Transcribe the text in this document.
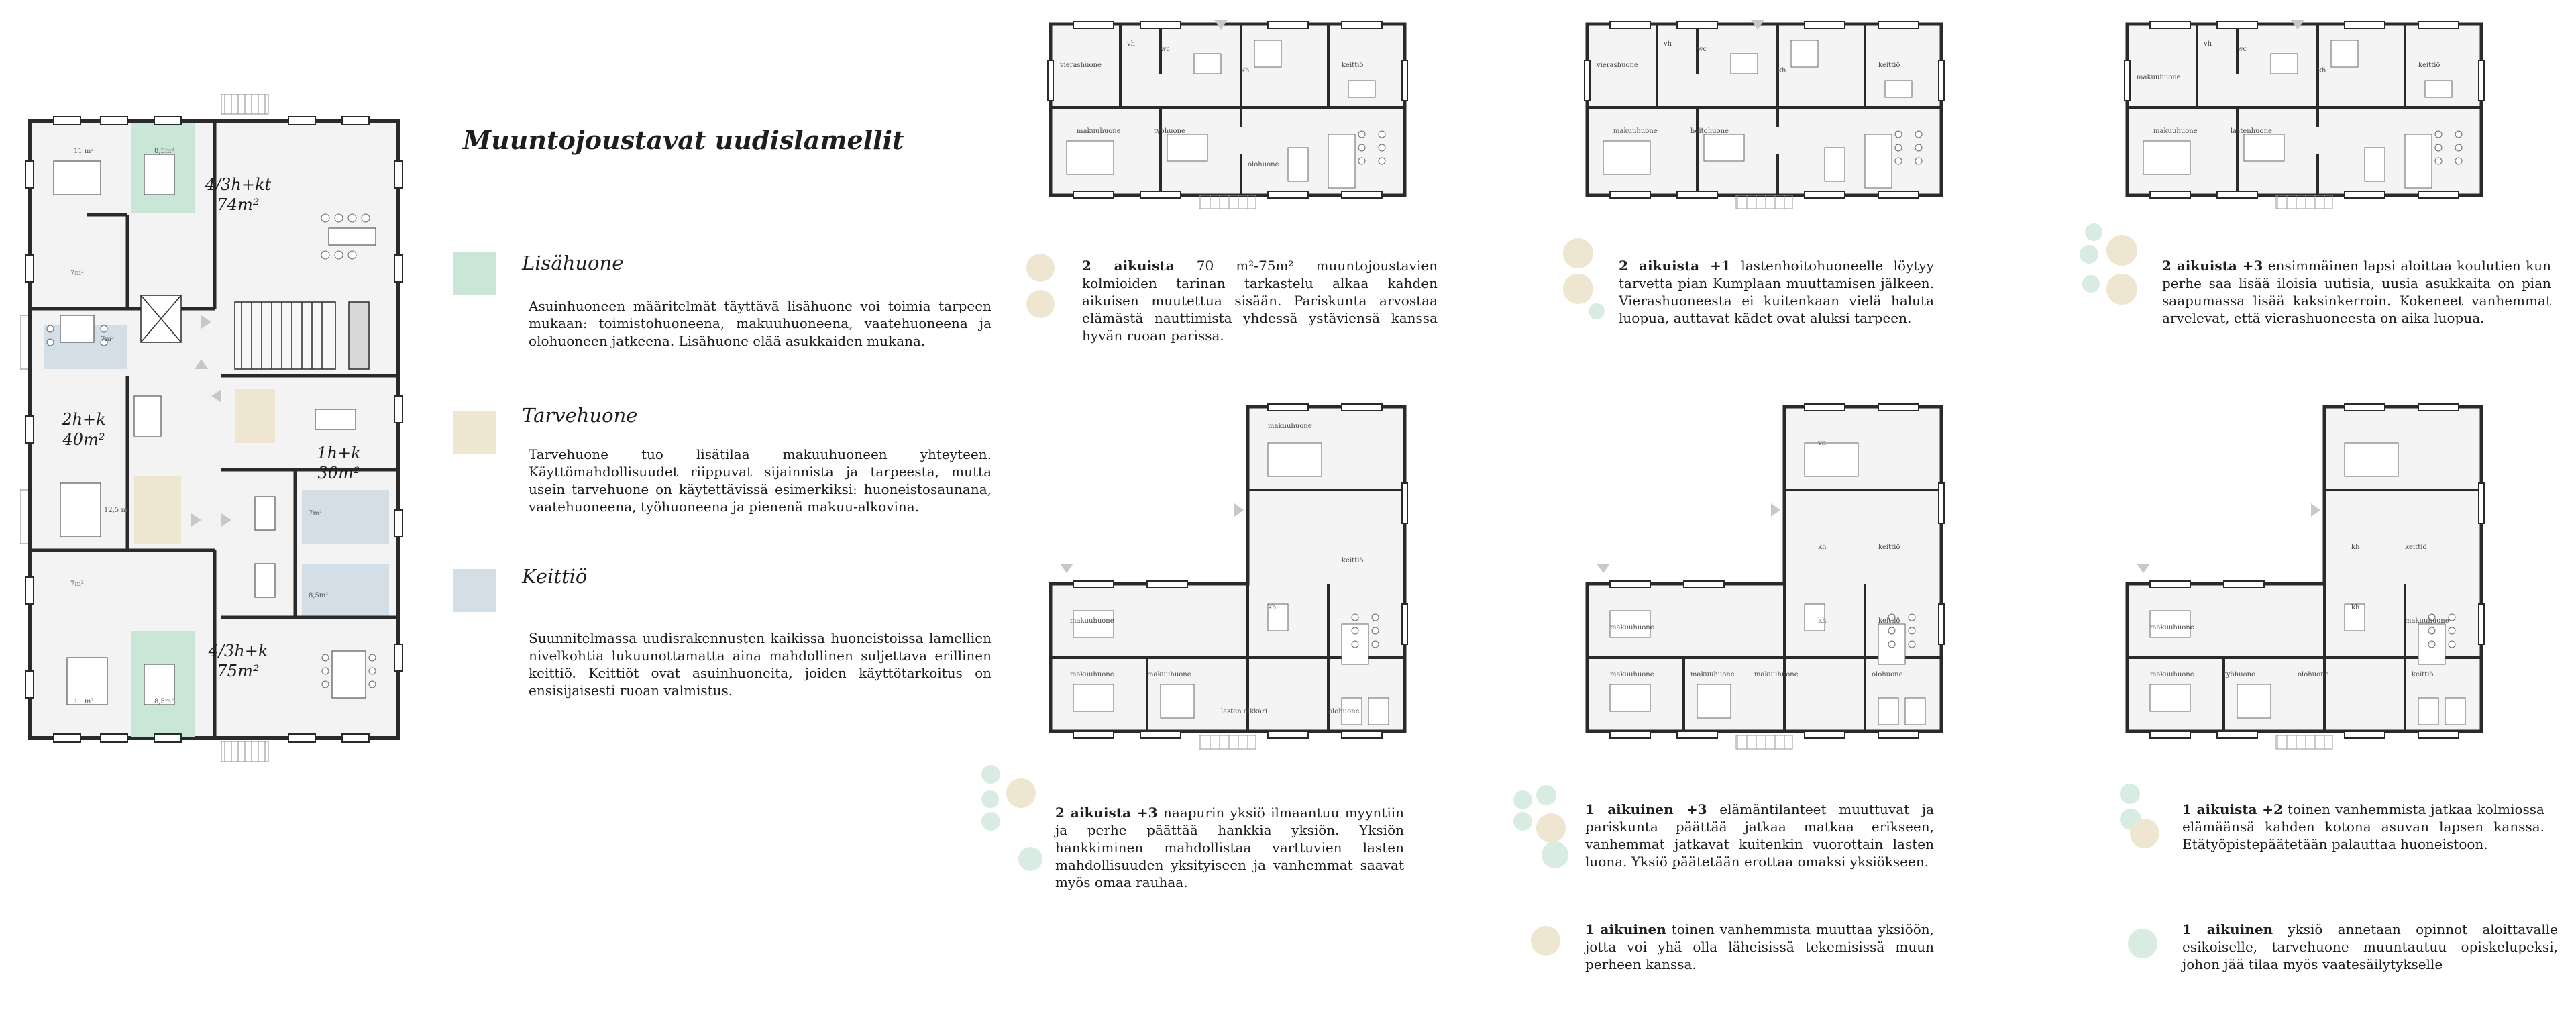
4/3h+kt
74m²
2h+k
40m²
1h+k
30m²
4/3h+k
75m²
11 m²	8,5m²
7m²
7m²
12,5 m²
7m²
7m²
8,5m²
11 m²	8,5m²
Muuntojoustavat uudislamellit
Lisähuone
Asuinhuoneen määritelmät täyttävä lisähuone voi toimia tarpeen mukaan: toimistohuoneena, makuuhuoneena, vaatehuoneena ja olohuoneen jatkeena. Lisähuone elää asukkaiden mukana.
Tarvehuone
Tarvehuone tuo lisätilaa makuuhuoneen yhteyteen. Käyttömahdollisuudet riippuvat sijainnista ja tarpeesta, mutta usein tarvehuone on käytettävissä esimerkiksi: huoneistosaunana, vaatehuoneena, työhuoneena ja pienenä makuu-alkovina.
Keittiö
Suunnitelmassa uudisrakennusten kaikissa huoneistoissa lamellien nivelkohtia lukuunottamatta aina mahdollinen suljettava erillinen keittiö. Keittiöt ovat asuinhuoneita, joiden käyttötarkoitus on ensisijaisesti ruoan valmistus.
vierashuone
vh
wc
kh
keittiö
makuuhuone	työhuone
olohuone
vierashuone
vh
wc
kh
keittiö
makuuhuone	hoitohuone
makuuhuone
vh
wc
kh
keittiö
makuuhuone	lastenhuone
makuuhuone
keittiö
kh
makuuhuone
makuuhuone	makuuhuone
lasten olkkari	olohuone
vh
kh	keittiö
makuuhuone
kh
makuuhuone	makuuhuone	makuuhuone	olohuone
keittiö
kh	keittiö
makuuhuone
kh
makuuhuone
makuuhuone	työhuone	olohuone	keittiö
2 aikuista 70 m²-75m² muuntojoustavien kolmioiden tarinan tarkastelu alkaa kahden aikuisen muutettua sisään. Pariskunta arvostaa elämästä nauttimista yhdessä ystäviensä kanssa hyvän ruoan parissa.
2 aikuista +1 lastenhoitohuoneelle löytyy tarvetta pian Kumplaan muuttamisen jälkeen. Vierashuoneesta ei kuitenkaan vielä haluta luopua, auttavat kädet ovat aluksi tarpeen.
2 aikuista +3 ensimmäinen lapsi aloittaa koulutien kun perhe saa lisää iloisia uutisia, uusia asukkaita on pian saapumassa lisää kaksinkerroin. Kokeneet vanhemmat arvelevat, että vierashuoneesta on aika luopua.
2 aikuista +3 naapurin yksiö ilmaantuu myyntiin ja perhe päättää hankkia yksiön. Yksiön hankkiminen mahdollistaa varttuvien lasten mahdollisuuden yksityiseen ja vanhemmat saavat myös omaa rauhaa.
1 aikuinen +3 elämäntilanteet muuttuvat ja pariskunta päättää jatkaa matkaa erikseen, vanhemmat jatkavat kuitenkin vuorottain lasten luona. Yksiö päätetään erottaa omaksi yksiökseen.
1 aikuinen toinen vanhemmista muuttaa yksiöön, jotta voi yhä olla läheisissä tekemisissä muun perheen kanssa.
1 aikuista +2 toinen vanhemmista jatkaa kolmiossa elämäänsä kahden kotona asuvan lapsen kanssa. Etätyöpistepäätetään palauttaa huoneistoon.
1 aikuinen yksiö annetaan opinnot aloittavalle esikoiselle, tarvehuone muuntautuu opiskelupeksi, johon jää tilaa myös vaatesäilytykselle
